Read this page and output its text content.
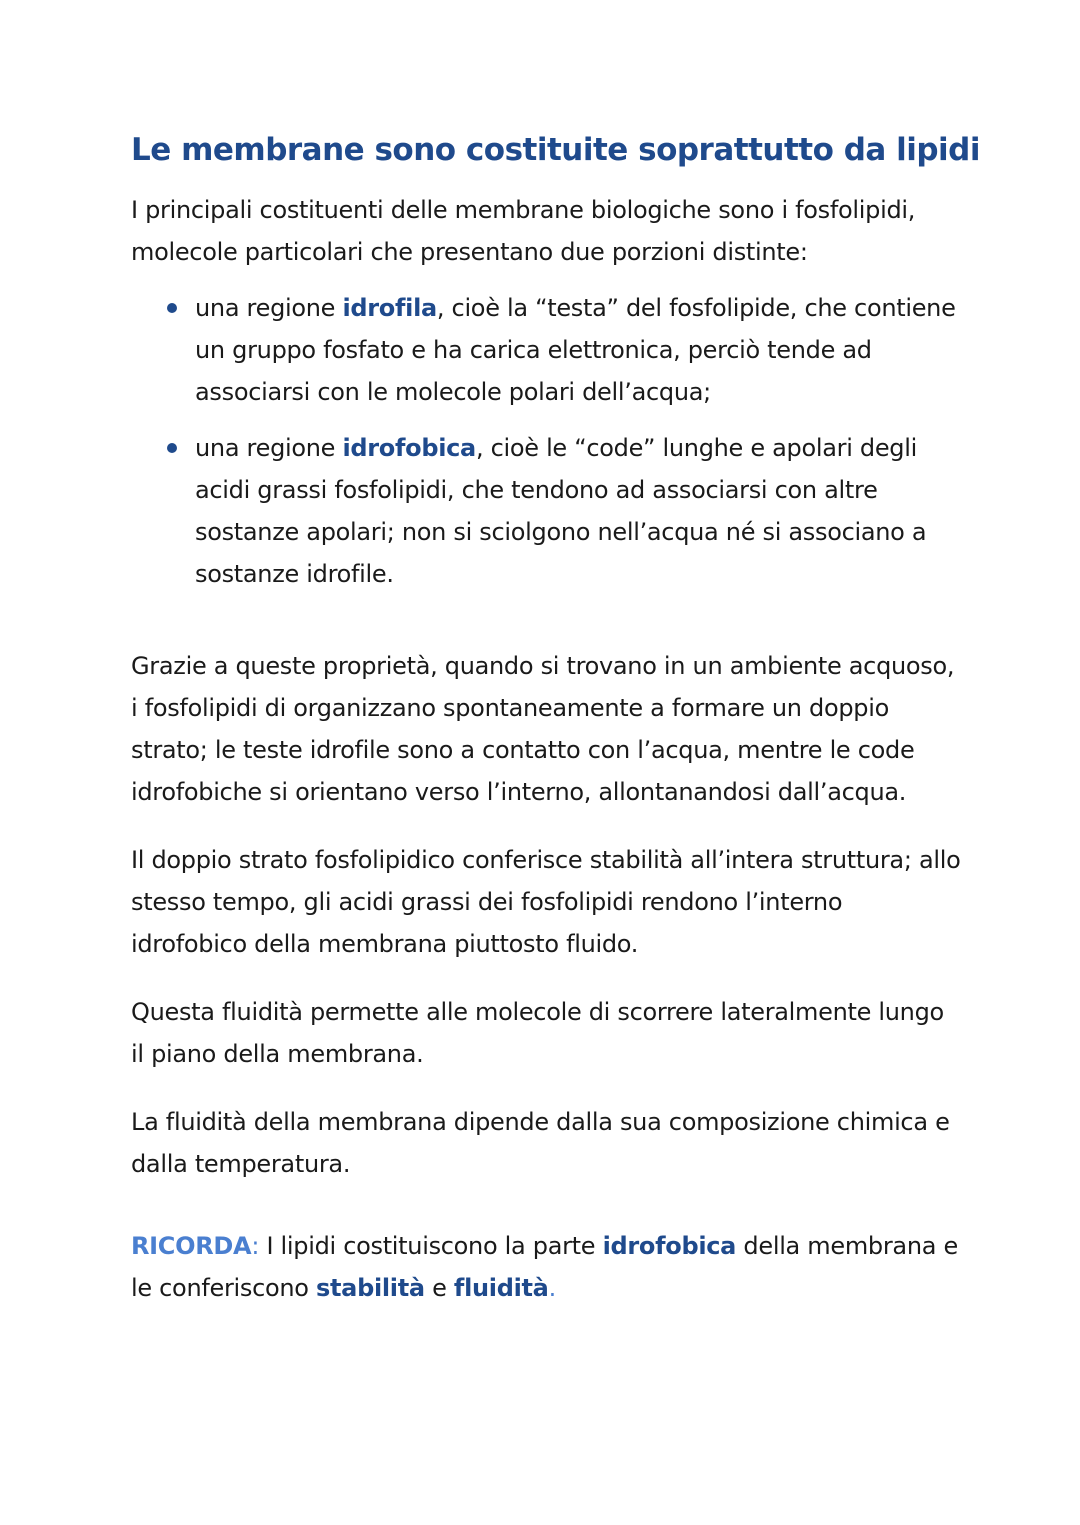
Le membrane sono costituite soprattutto da lipidi

I principali costituenti delle membrane biologiche sono i fosfolipidi, molecole particolari che presentano due porzioni distinte:

una regione idrofila, cioè la “testa” del fosfolipide, che contiene un gruppo fosfato e ha carica elettronica, perciò tende ad associarsi con le molecole polari dell’acqua;
una regione idrofobica, cioè le “code” lunghe e apolari degli acidi grassi fosfolipidi, che tendono ad associarsi con altre sostanze apolari; non si sciolgono nell’acqua né si associano a sostanze idrofile.

Grazie a queste proprietà, quando si trovano in un ambiente acquoso, i fosfolipidi di organizzano spontaneamente a formare un doppio strato; le teste idrofile sono a contatto con l’acqua, mentre le code idrofobiche si orientano verso l’interno, allontanandosi dall’acqua.

Il doppio strato fosfolipidico conferisce stabilità all’intera struttura; allo stesso tempo, gli acidi grassi dei fosfolipidi rendono l’interno idrofobico della membrana piuttosto fluido.

Questa fluidità permette alle molecole di scorrere lateralmente lungo il piano della membrana.

La fluidità della membrana dipende dalla sua composizione chimica e dalla temperatura.

RICORDA: I lipidi costituiscono la parte idrofobica della membrana e le conferiscono stabilità e fluidità.
